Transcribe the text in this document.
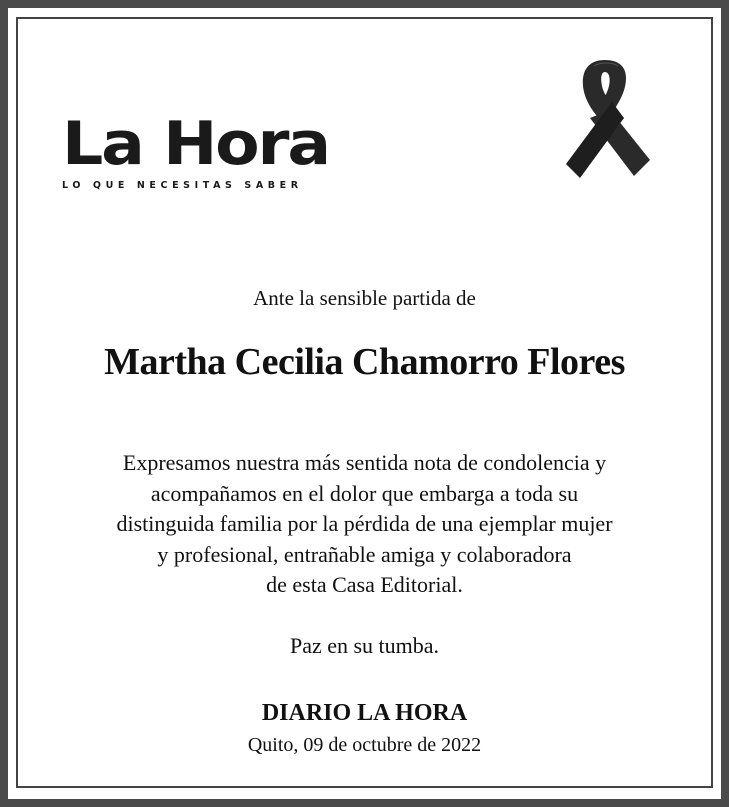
La Hora
LO QUE NECESITAS SABER
Ante la sensible partida de
Martha Cecilia Chamorro Flores
Expresamos nuestra más sentida nota de condolencia y
acompañamos en el dolor que embarga a toda su
distinguida familia por la pérdida de una ejemplar mujer
y profesional, entrañable amiga y colaboradora
de esta Casa Editorial.
Paz en su tumba.
DIARIO LA HORA
Quito, 09 de octubre de 2022
